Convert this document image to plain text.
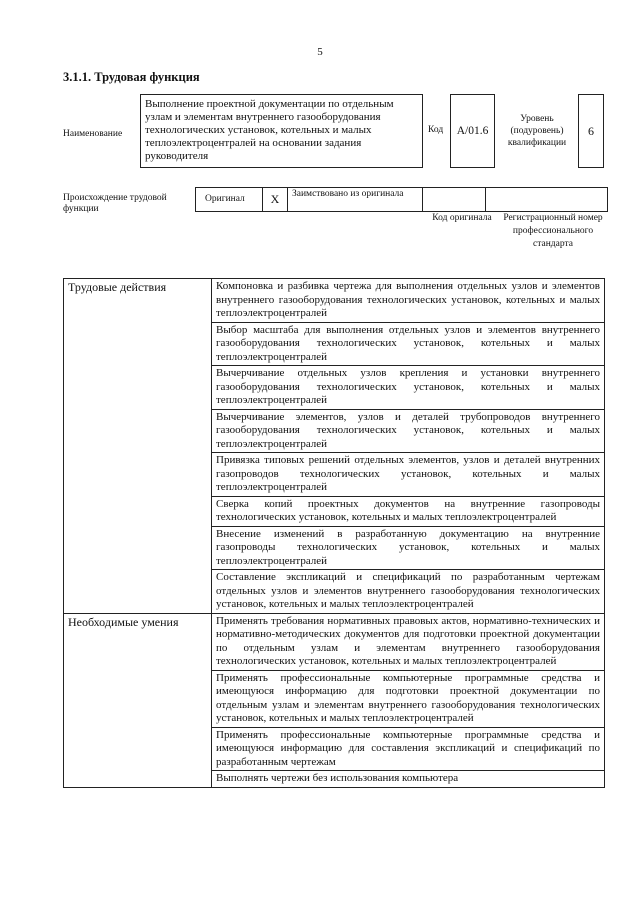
5
3.1.1. Трудовая функция
Наименование
Выполнение проектной документации по отдельным узлам и элементам внутреннего газооборудования технологических установок, котельных и малых теплоэлектроцентралей на основании задания руководителя
Код	A/01.6
Уровень (подуровень) квалификации
6
Происхождение трудовой функции
Оригинал	X	Заимствовано из оригинала
Код оригинала	Регистрационный номер профессионального стандарта
Трудовые действия	Компоновка и разбивка чертежа для выполнения отдельных узлов и элементов внутреннего газооборудования технологических установок, котельных и малых теплоэлектроцентралей
	Выбор масштаба для выполнения отдельных узлов и элементов внутреннего газооборудования технологических установок, котельных и малых теплоэлектроцентралей
	Вычерчивание отдельных узлов крепления и установки внутреннего газооборудования технологических установок, котельных и малых теплоэлектроцентралей
	Вычерчивание элементов, узлов и деталей трубопроводов внутреннего газооборудования технологических установок, котельных и малых теплоэлектроцентралей
	Привязка типовых решений отдельных элементов, узлов и деталей внутренних газопроводов технологических установок, котельных и малых теплоэлектроцентралей
	Сверка копий проектных документов на внутренние газопроводы технологических установок, котельных и малых теплоэлектроцентралей
	Внесение изменений в разработанную документацию на внутренние газопроводы технологических установок, котельных и малых теплоэлектроцентралей
	Составление экспликаций и спецификаций по разработанным чертежам отдельных узлов и элементов внутреннего газооборудования технологических установок, котельных и малых теплоэлектроцентралей
Необходимые умения	Применять требования нормативных правовых актов, нормативно-технических и нормативно-методических документов для подготовки проектной документации по отдельным узлам и элементам внутреннего газооборудования технологических установок, котельных и малых теплоэлектроцентралей
	Применять профессиональные компьютерные программные средства и имеющуюся информацию для подготовки проектной документации по отдельным узлам и элементам внутреннего газооборудования технологических установок, котельных и малых теплоэлектроцентралей
	Применять профессиональные компьютерные программные средства и имеющуюся информацию для составления экспликаций и спецификаций по разработанным чертежам
	Выполнять чертежи без использования компьютера
